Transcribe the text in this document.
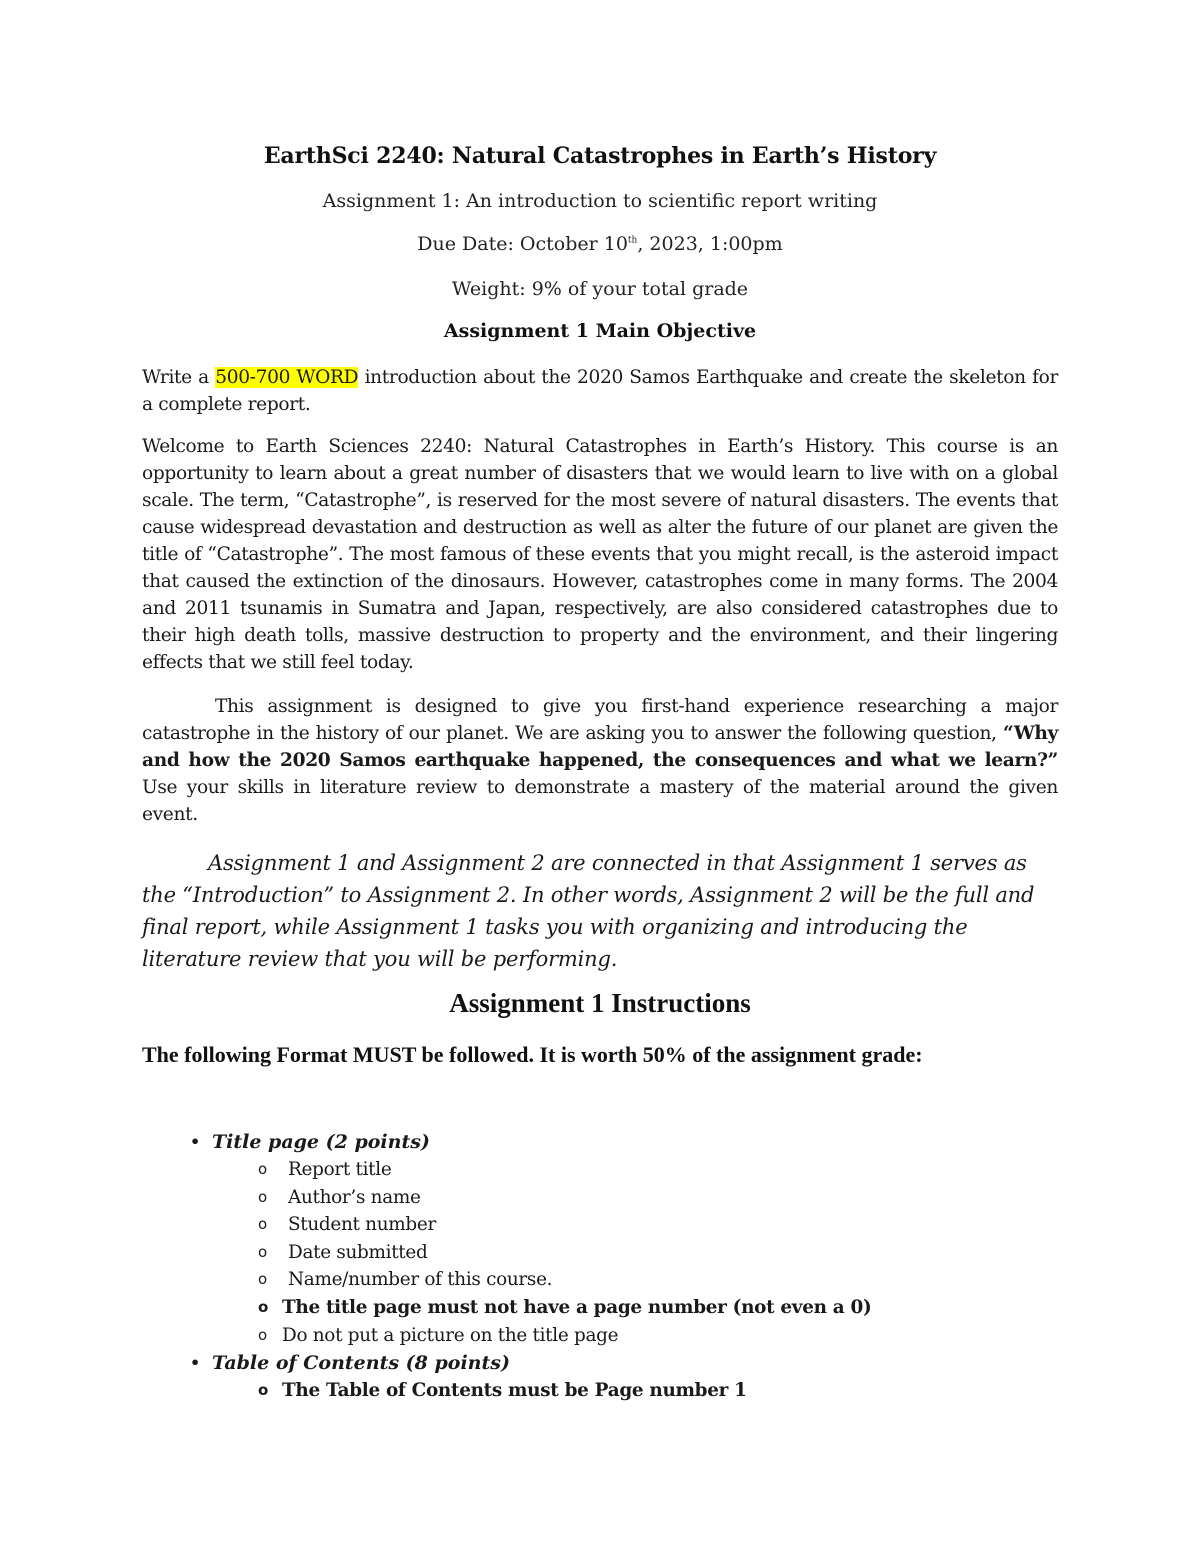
EarthSci 2240: Natural Catastrophes in Earth’s History
Assignment 1: An introduction to scientific report writing
Due Date: October 10th, 2023, 1:00pm
Weight: 9% of your total grade
Assignment 1 Main Objective
Write a 500-700 WORD introduction about the 2020 Samos Earthquake and create the skeleton for a complete report.
Welcome to Earth Sciences 2240: Natural Catastrophes in Earth’s History. This course is an opportunity to learn about a great number of disasters that we would learn to live with on a global scale. The term, “Catastrophe”, is reserved for the most severe of natural disasters. The events that cause widespread devastation and destruction as well as alter the future of our planet are given the title of “Catastrophe”. The most famous of these events that you might recall, is the asteroid impact that caused the extinction of the dinosaurs. However, catastrophes come in many forms. The 2004 and 2011 tsunamis in Sumatra and Japan, respectively, are also considered catastrophes due to their high death tolls, massive destruction to property and the environment, and their lingering effects that we still feel today.
This assignment is designed to give you first-hand experience researching a major catastrophe in the history of our planet. We are asking you to answer the following question, “Why and how the 2020 Samos earthquake happened, the consequences and what we learn?” Use your skills in literature review to demonstrate a mastery of the material around the given event.
Assignment 1 and Assignment 2 are connected in that Assignment 1 serves as the “Introduction” to Assignment 2. In other words, Assignment 2 will be the full and final report, while Assignment 1 tasks you with organizing and introducing the literature review that you will be performing.
Assignment 1 Instructions
The following Format MUST be followed. It is worth 50% of the assignment grade:
• Title page (2 points)
o Report title
o Author’s name
o Student number
o Date submitted
o Name/number of this course.
o The title page must not have a page number (not even a 0)
o Do not put a picture on the title page
• Table of Contents (8 points)
o The Table of Contents must be Page number 1
